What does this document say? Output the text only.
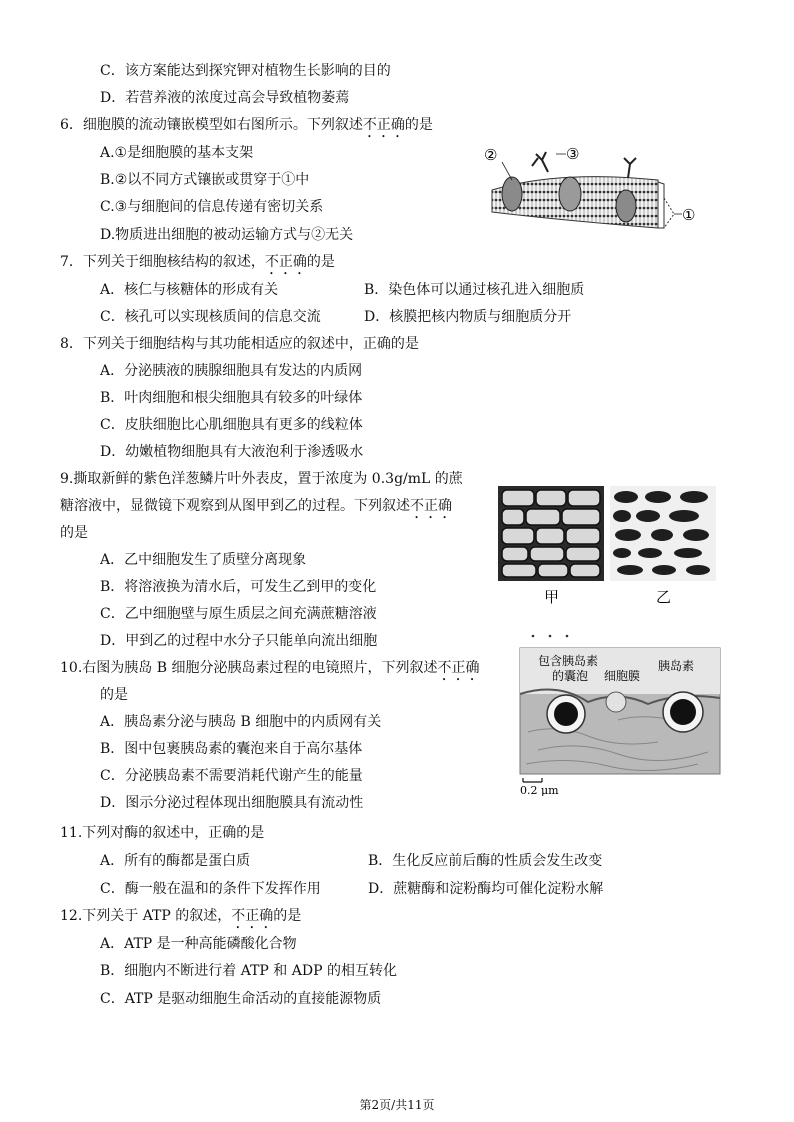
C．该方案能达到探究钾对植物生长影响的目的
D．若营养液的浓度过高会导致植物萎蔫
6．细胞膜的流动镶嵌模型如右图所示。下列叙述不正确的是
A.①是细胞膜的基本支架
B.②以不同方式镶嵌或贯穿于①中
C.③与细胞间的信息传递有密切关系
D.物质进出细胞的被动运输方式与②无关
②	③
①
7．下列关于细胞核结构的叙述，不正确的是
A．核仁与核糖体的形成有关	B．染色体可以通过核孔进入细胞质
C．核孔可以实现核质间的信息交流	D．核膜把核内物质与细胞质分开
8．下列关于细胞结构与其功能相适应的叙述中，正确的是
A．分泌胰液的胰腺细胞具有发达的内质网
B．叶肉细胞和根尖细胞具有较多的叶绿体
C．皮肤细胞比心肌细胞具有更多的线粒体
D．幼嫩植物细胞具有大液泡利于渗透吸水
9.撕取新鲜的紫色洋葱鳞片叶外表皮，置于浓度为 0.3g/mL 的蔗
糖溶液中，显微镜下观察到从图甲到乙的过程。下列叙述不正确
的是
A．乙中细胞发生了质壁分离现象
B．将溶液换为清水后，可发生乙到甲的变化
C．乙中细胞壁与原生质层之间充满蔗糖溶液
D．甲到乙的过程中水分子只能单向流出细胞
甲	乙
10.右图为胰岛 B 细胞分泌胰岛素过程的电镜照片，下列叙述不正确
的是
A．胰岛素分泌与胰岛 B 细胞中的内质网有关
B．图中包裹胰岛素的囊泡来自于高尔基体
C．分泌胰岛素不需要消耗代谢产生的能量
D．图示分泌过程体现出细胞膜具有流动性
包含胰岛素
的囊泡 细胞膜
胰岛素
0.2 μm
11.下列对酶的叙述中，正确的是
A．所有的酶都是蛋白质	B．生化反应前后酶的性质会发生改变
C．酶一般在温和的条件下发挥作用	D．蔗糖酶和淀粉酶均可催化淀粉水解
12.下列关于 ATP 的叙述，不正确的是
A．ATP 是一种高能磷酸化合物
B．细胞内不断进行着 ATP 和 ADP 的相互转化
C．ATP 是驱动细胞生命活动的直接能源物质
第2页/共11页
